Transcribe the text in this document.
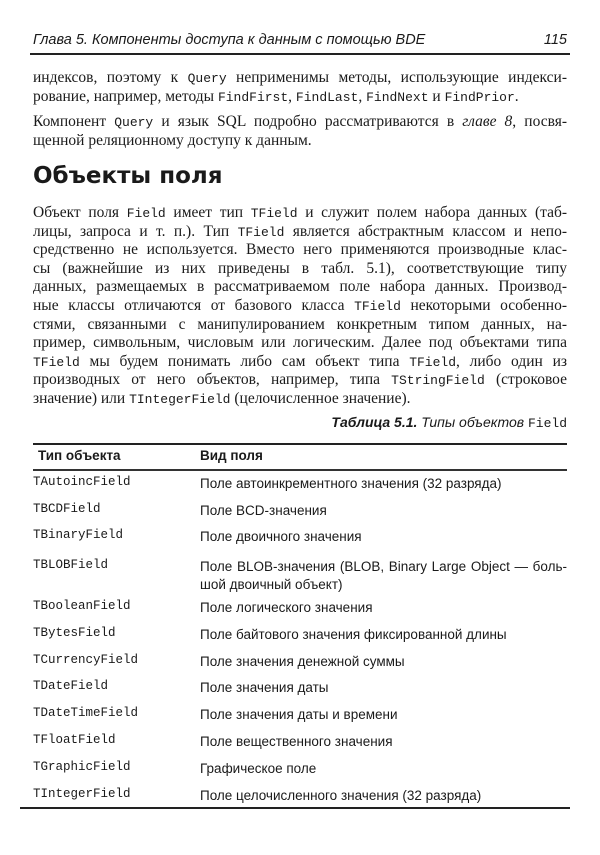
Глава 5. Компоненты доступа к данным с помощью BDE	115
индексов, поэтому к Query неприменимы методы, использующие индекси-
рование, например, методы FindFirst, FindLast, FindNext и FindPrior.
Компонент Query и язык SQL подробно рассматриваются в главе 8, посвя-
щенной реляционному доступу к данным.
Объекты поля
Объект поля Field имеет тип TField и служит полем набора данных (таб-
лицы, запроса и т. п.). Тип TField является абстрактным классом и непо-
средственно не используется. Вместо него применяются производные клас-
сы (важнейшие из них приведены в табл. 5.1), соответствующие типу
данных, размещаемых в рассматриваемом поле набора данных. Производ-
ные классы отличаются от базового класса TField некоторыми особенно-
стями, связанными с манипулированием конкретным типом данных, на-
пример, символьным, числовым или логическим. Далее под объектами типа
TField мы будем понимать либо сам объект типа TField, либо один из
производных от него объектов, например, типа TStringField (строковое
значение) или TIntegerField (целочисленное значение).
Таблица 5.1. Типы объектов Field
Тип объекта	Вид поля
TAutoincField	Поле автоинкрементного значения (32 разряда)
TBCDField	Поле BCD-значения
TBinaryField	Поле двоичного значения
TBLOBField	Поле BLOB-значения (BLOB, Binary Large Object — боль-шой двоичный объект)
TBooleanField	Поле логического значения
TBytesField	Поле байтового значения фиксированной длины
TCurrencyField	Поле значения денежной суммы
TDateField	Поле значения даты
TDateTimeField	Поле значения даты и времени
TFloatField	Поле вещественного значения
TGraphicField	Графическое поле
TIntegerField	Поле целочисленного значения (32 разряда)
